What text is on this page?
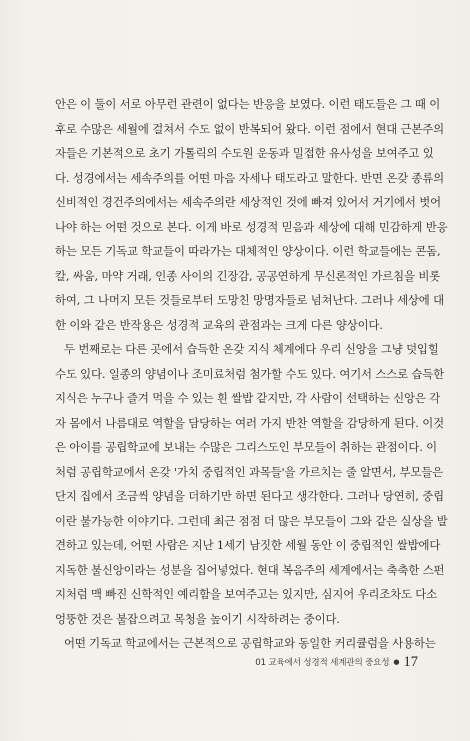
안은 이 둘이 서로 아무런 관련이 없다는 반응을 보였다. 이런 태도들은 그 때 이
후로 수많은 세월에 걸쳐서 수도 없이 반복되어 왔다. 이런 점에서 현대 근본주의
자들은 기본적으로 초기 가톨릭의 수도원 운동과 밀접한 유사성을 보여주고 있
다. 성경에서는 세속주의를 어떤 마음 자세나 태도라고 말한다. 반면 온갖 종류의
신비적인 경건주의에서는 세속주의란 세상적인 것에 빠져 있어서 거기에서 벗어
나야 하는 어떤 것으로 본다. 이게 바로 성경적 믿음과 세상에 대해 민감하게 반응
하는 모든 기독교 학교들이 따라가는 대체적인 양상이다. 이런 학교들에는 콘돔,
칼, 싸움, 마약 거래, 인종 사이의 긴장감, 공공연하게 무신론적인 가르침을 비롯
하여, 그 나머지 모든 것들로부터 도망친 망명자들로 넘쳐난다. 그러나 세상에 대
한 이와 같은 반작용은 성경적 교육의 관점과는 크게 다른 양상이다.
두 번째로는 다른 곳에서 습득한 온갖 지식 체계에다 우리 신앙을 그냥 덧입힐
수도 있다. 일종의 양념이나 조미료처럼 첨가할 수도 있다. 여기서 스스로 습득한
지식은 누구나 즐겨 먹을 수 있는 흰 쌀밥 같지만, 각 사람이 선택하는 신앙은 각
자 몸에서 나름대로 역할을 담당하는 여러 가지 반찬 역할을 감당하게 된다. 이것
은 아이를 공립학교에 보내는 수많은 그리스도인 부모들이 취하는 관점이다. 이
처럼 공립학교에서 온갖 '가치 중립적인 과목들'을 가르치는 줄 알면서, 부모들은
단지 집에서 조금씩 양념을 더하기만 하면 된다고 생각한다. 그러나 당연히, 중립
이란 불가능한 이야기다. 그런데 최근 점점 더 많은 부모들이 그와 같은 실상을 발
견하고 있는데, 어떤 사람은 지난 1세기 남짓한 세월 동안 이 중립적인 쌀밥에다
지독한 불신앙이라는 성분을 집어넣었다. 현대 복음주의 세계에서는 축축한 스펀
지처럼 맥 빠진 신학적인 예리함을 보여주고는 있지만, 심지어 우리조차도 다소
엉뚱한 것은 불잡으려고 목청을 높이기 시작하려는 중이다.
어떤 기독교 학교에서는 근본적으로 공립학교와 동일한 커리큘럼을 사용하는
01 교육에서 성경적 세계관의 중요성 ● 17
